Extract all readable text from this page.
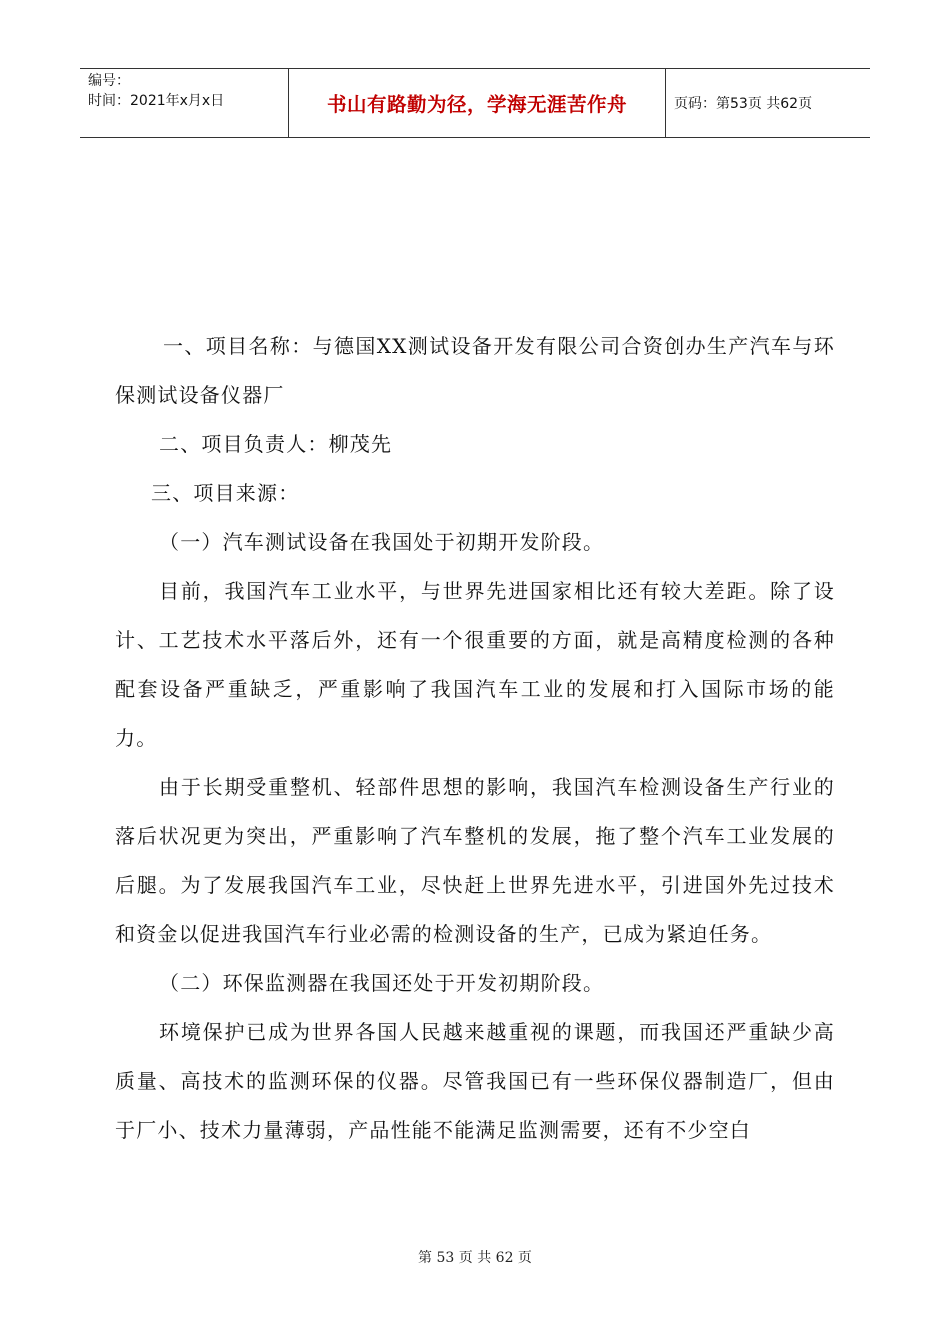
编号：
时间：2021年x月x日	书山有路勤为径，学海无涯苦作舟	页码：第53页 共62页

一、项目名称：与德国XX测试设备开发有限公司合资创办生产汽车与环保测试设备仪器厂

二、项目负责人：柳茂先

三、项目来源：

（一）汽车测试设备在我国处于初期开发阶段。

目前，我国汽车工业水平，与世界先进国家相比还有较大差距。除了设计、工艺技术水平落后外，还有一个很重要的方面，就是高精度检测的各种配套设备严重缺乏，严重影响了我国汽车工业的发展和打入国际市场的能力。

由于长期受重整机、轻部件思想的影响，我国汽车检测设备生产行业的落后状况更为突出，严重影响了汽车整机的发展，拖了整个汽车工业发展的后腿。为了发展我国汽车工业，尽快赶上世界先进水平，引进国外先过技术和资金以促进我国汽车行业必需的检测设备的生产，已成为紧迫任务。

（二）环保监测器在我国还处于开发初期阶段。

环境保护已成为世界各国人民越来越重视的课题，而我国还严重缺少高质量、高技术的监测环保的仪器。尽管我国已有一些环保仪器制造厂，但由于厂小、技术力量薄弱，产品性能不能满足监测需要，还有不少空白

第 53 页 共 62 页
